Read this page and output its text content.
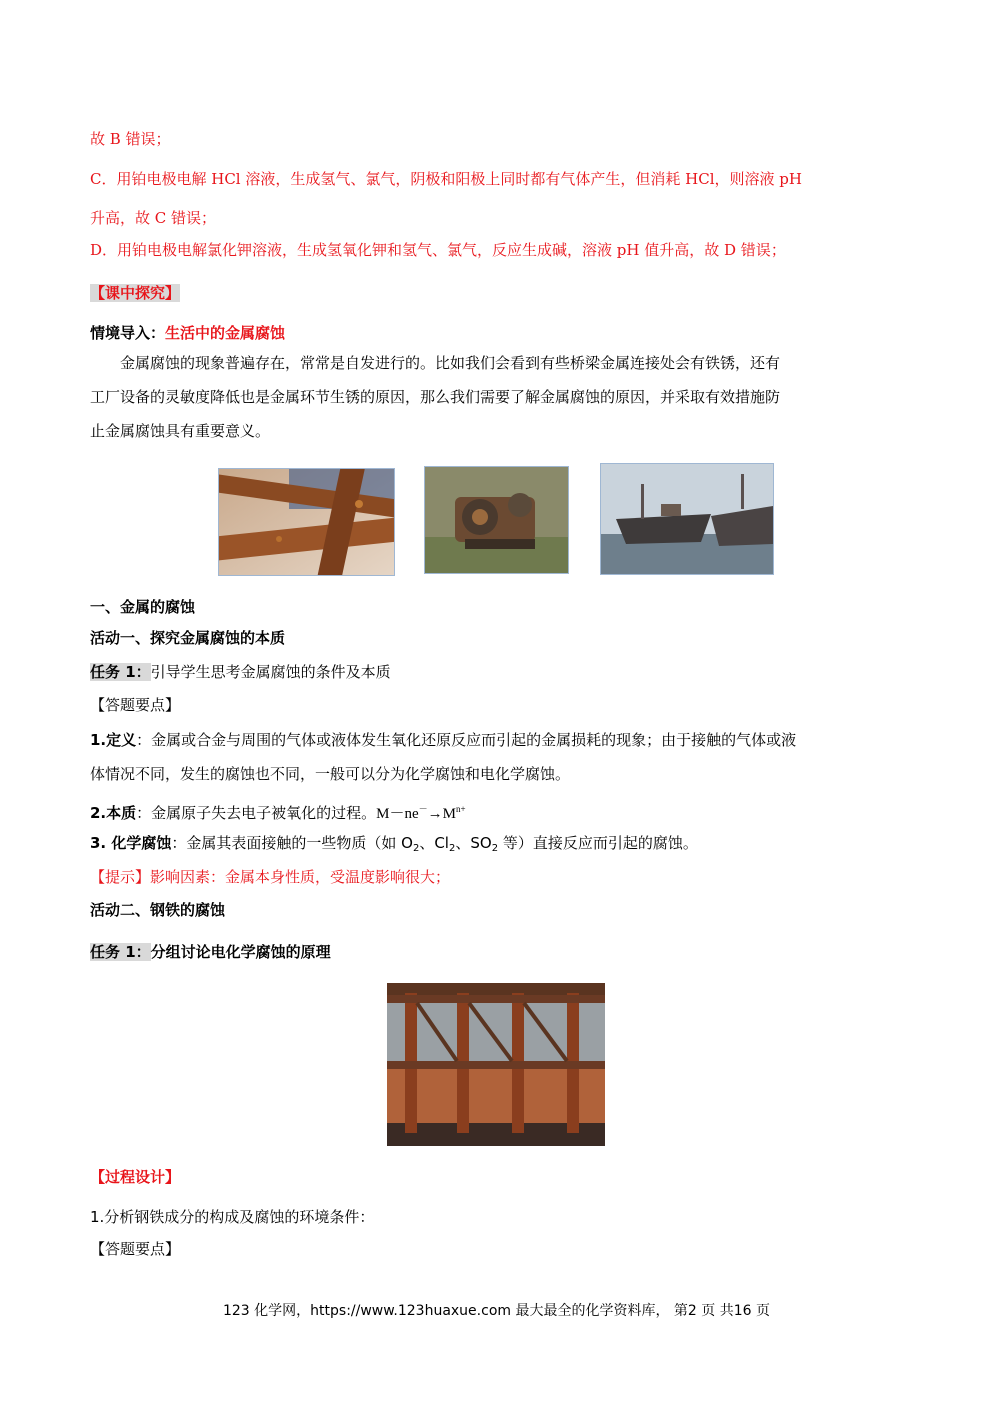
故 B 错误；
C．用铂电极电解 HCl 溶液，生成氢气、氯气，阴极和阳极上同时都有气体产生，但消耗 HCl，则溶液 pH
升高，故 C 错误；
D．用铂电极电解氯化钾溶液，生成氢氧化钾和氢气、氯气，反应生成碱，溶液 pH 值升高，故 D 错误；
【课中探究】
情境导入：生活中的金属腐蚀
金属腐蚀的现象普遍存在，常常是自发进行的。比如我们会看到有些桥梁金属连接处会有铁锈，还有
工厂设备的灵敏度降低也是金属环节生锈的原因，那么我们需要了解金属腐蚀的原因，并采取有效措施防
止金属腐蚀具有重要意义。
一、金属的腐蚀
活动一、探究金属腐蚀的本质
任务 1：引导学生思考金属腐蚀的条件及本质
【答题要点】
1.定义：金属或合金与周围的气体或液体发生氧化还原反应而引起的金属损耗的现象；由于接触的气体或液
体情况不同，发生的腐蚀也不同，一般可以分为化学腐蚀和电化学腐蚀。
2.本质：金属原子失去电子被氧化的过程。$M-ne^-\to M^{n+}$
3. 化学腐蚀：金属其表面接触的一些物质（如 $O_2$、$Cl_2$、$SO_2$ 等）直接反应而引起的腐蚀。
【提示】影响因素：金属本身性质，受温度影响很大；
活动二、钢铁的腐蚀
任务 1：分组讨论电化学腐蚀的原理
【过程设计】
1.分析钢铁成分的构成及腐蚀的环境条件：
【答题要点】
123 化学网，https://www.123huaxue.com 最大最全的化学资料库， 第2 页 共16 页
